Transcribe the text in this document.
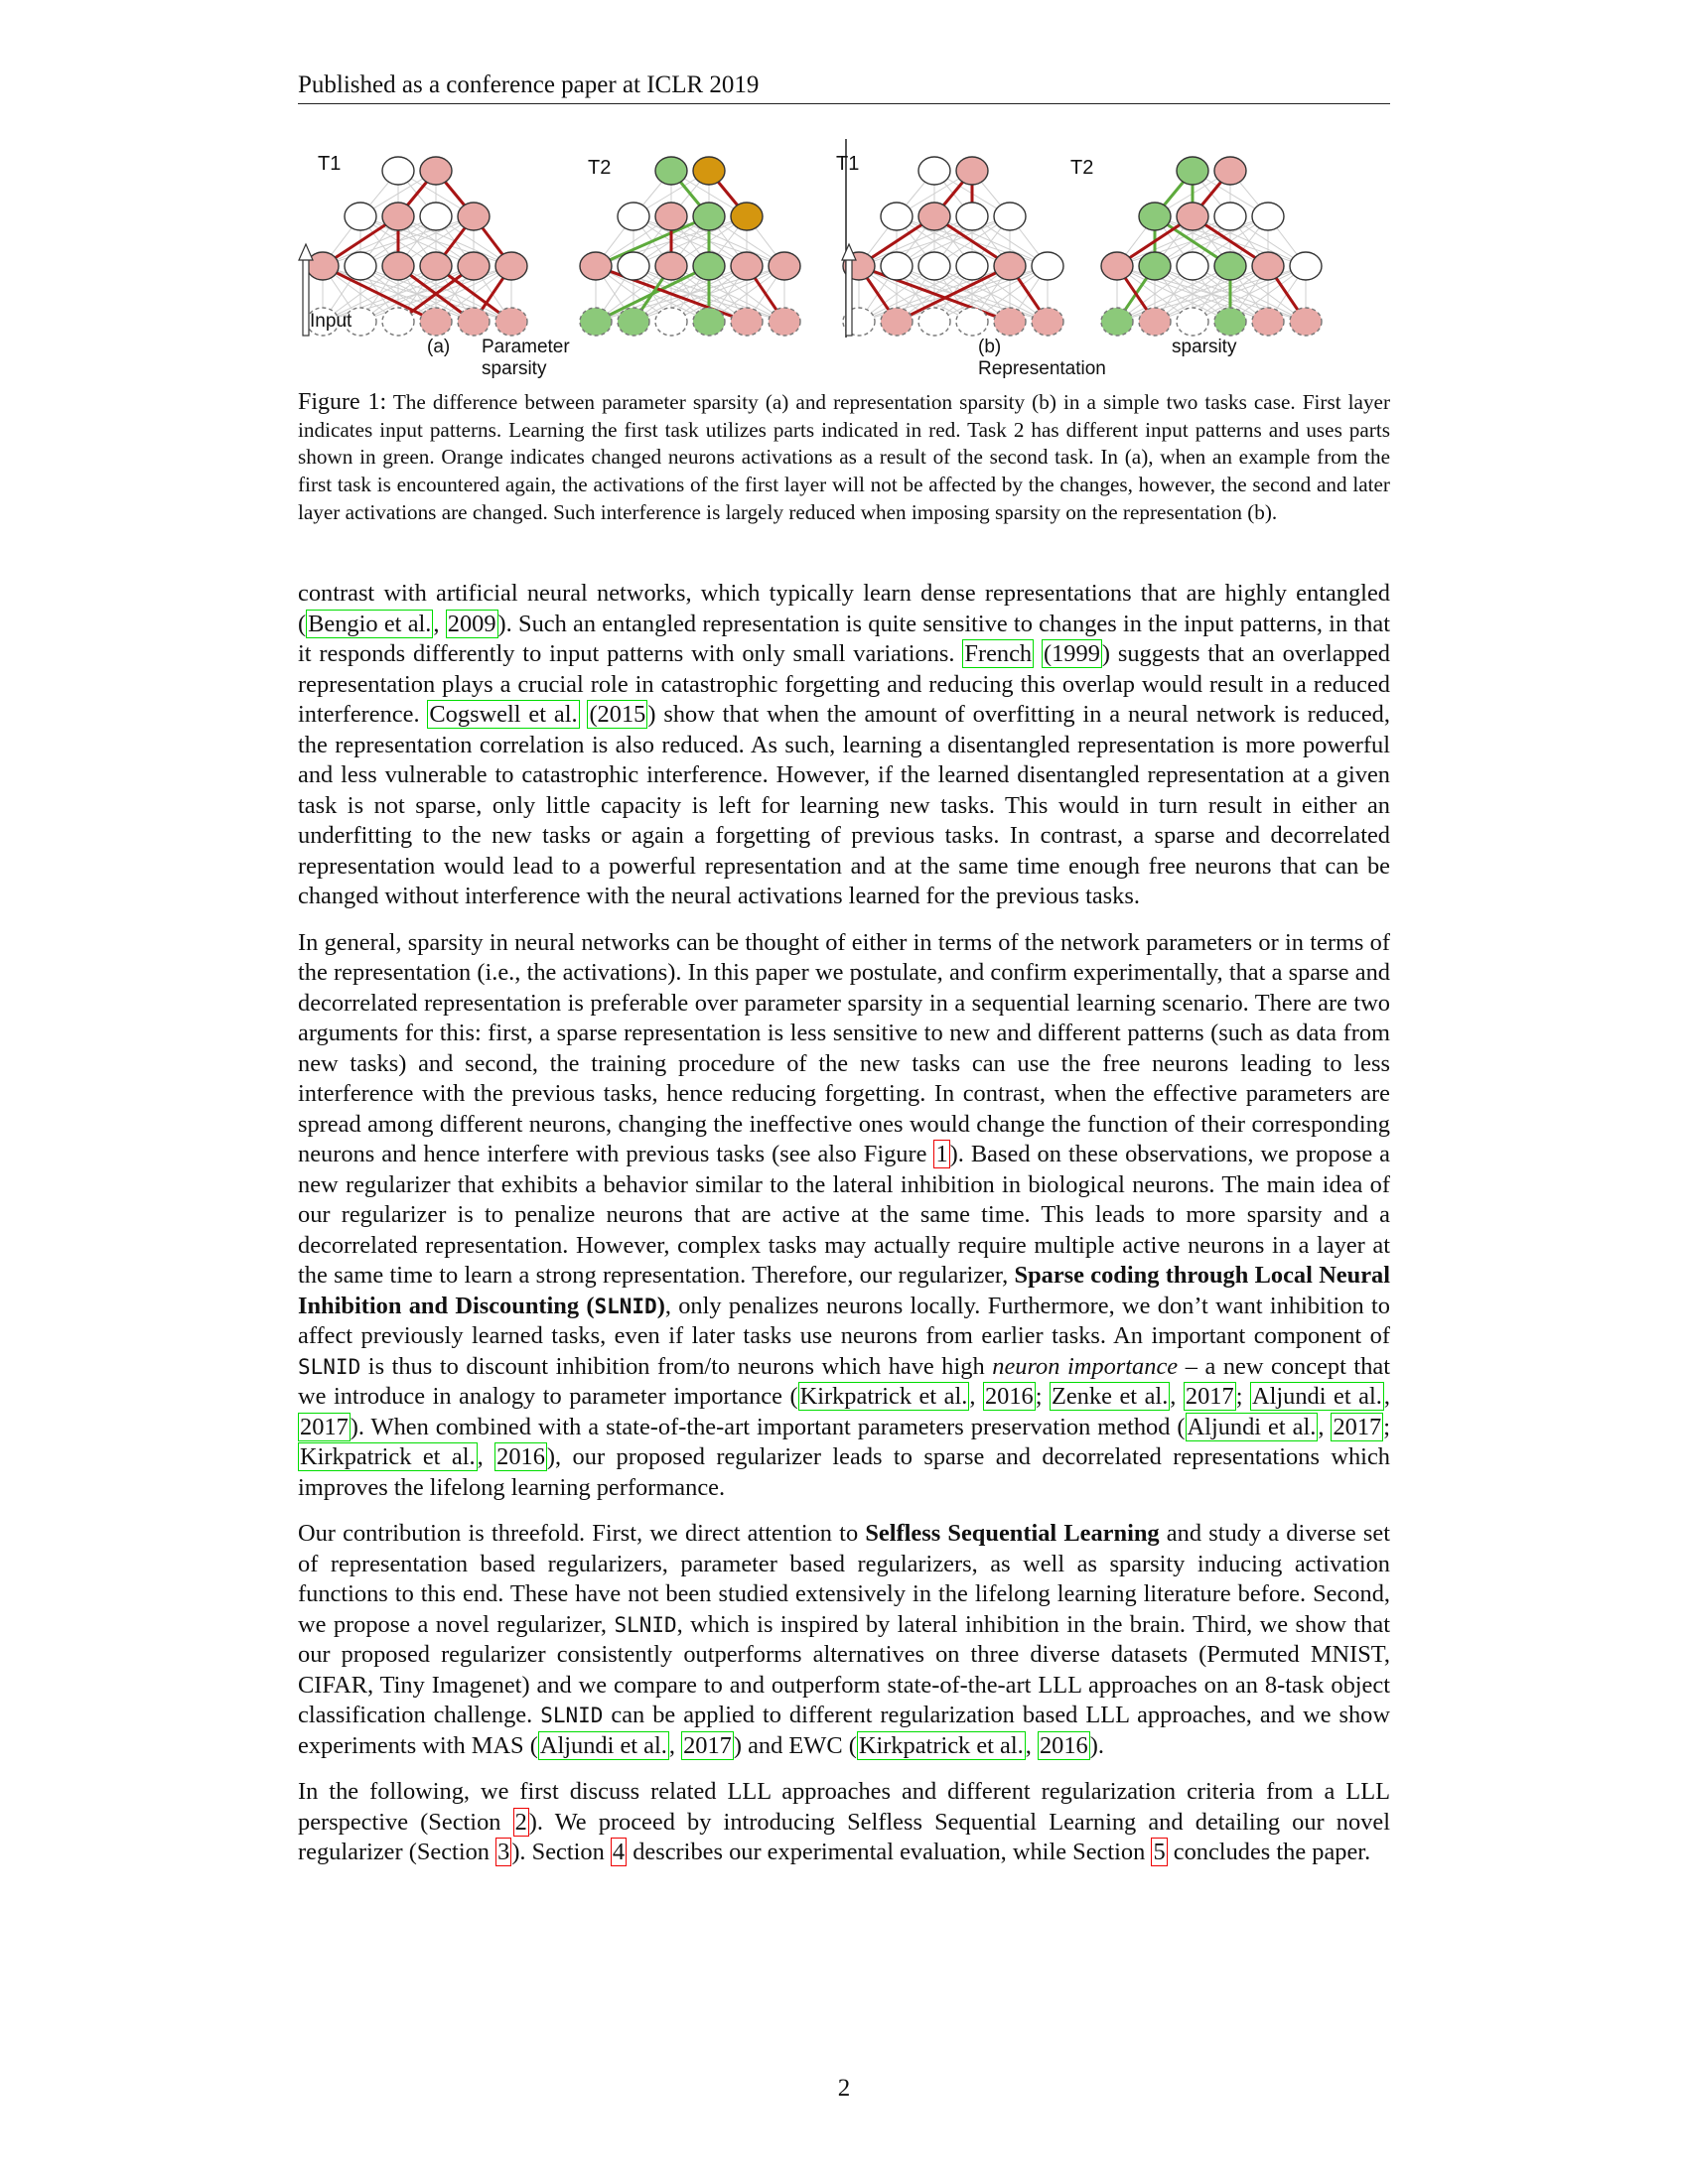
Published as a conference paper at ICLR 2019
T1	T2	T1	T2
Input
(a) Parameter sparsity
(b) Representation
sparsity
Figure 1: The difference between parameter sparsity (a) and representation sparsity (b) in a simple two tasks case. First layer indicates input patterns. Learning the first task utilizes parts indicated in red. Task 2 has different input patterns and uses parts shown in green. Orange indicates changed neurons activations as a result of the second task. In (a), when an example from the first task is encountered again, the activations of the first layer will not be affected by the changes, however, the second and later layer activations are changed. Such interference is largely reduced when imposing sparsity on the representation (b).

contrast with artificial neural networks, which typically learn dense representations that are highly entangled (Bengio et al., 2009). Such an entangled representation is quite sensitive to changes in the input patterns, in that it responds differently to input patterns with only small variations. French (1999) suggests that an overlapped representation plays a crucial role in catastrophic forgetting and reducing this overlap would result in a reduced interference. Cogswell et al. (2015) show that when the amount of overfitting in a neural network is reduced, the representation correlation is also reduced. As such, learning a disentangled representation is more powerful and less vulnerable to catastrophic interference. However, if the learned disentangled representation at a given task is not sparse, only little capacity is left for learning new tasks. This would in turn result in either an underfitting to the new tasks or again a forgetting of previous tasks. In contrast, a sparse and decorrelated representation would lead to a powerful representation and at the same time enough free neurons that can be changed without interference with the neural activations learned for the previous tasks.

In general, sparsity in neural networks can be thought of either in terms of the network parameters or in terms of the representation (i.e., the activations). In this paper we postulate, and confirm experimentally, that a sparse and decorrelated representation is preferable over parameter sparsity in a sequential learning scenario. There are two arguments for this: first, a sparse representation is less sensitive to new and different patterns (such as data from new tasks) and second, the training procedure of the new tasks can use the free neurons leading to less interference with the previous tasks, hence reducing forgetting. In contrast, when the effective parameters are spread among different neurons, changing the ineffective ones would change the function of their corresponding neurons and hence interfere with previous tasks (see also Figure 1). Based on these observations, we propose a new regularizer that exhibits a behavior similar to the lateral inhibition in biological neurons. The main idea of our regularizer is to penalize neurons that are active at the same time. This leads to more sparsity and a decorrelated representation. However, complex tasks may actually require multiple active neurons in a layer at the same time to learn a strong representation. Therefore, our regularizer, Sparse coding through Local Neural Inhibition and Discounting (SLNID), only penalizes neurons locally. Furthermore, we don’t want inhibition to affect previously learned tasks, even if later tasks use neurons from earlier tasks. An important component of SLNID is thus to discount inhibition from/to neurons which have high neuron importance – a new concept that we introduce in analogy to parameter importance (Kirkpatrick et al., 2016; Zenke et al., 2017; Aljundi et al., 2017). When combined with a state-of-the-art important parameters preservation method (Aljundi et al., 2017; Kirkpatrick et al., 2016), our proposed regularizer leads to sparse and decorrelated representations which improves the lifelong learning performance.

Our contribution is threefold. First, we direct attention to Selfless Sequential Learning and study a diverse set of representation based regularizers, parameter based regularizers, as well as sparsity inducing activation functions to this end. These have not been studied extensively in the lifelong learning literature before. Second, we propose a novel regularizer, SLNID, which is inspired by lateral inhibition in the brain. Third, we show that our proposed regularizer consistently outperforms alternatives on three diverse datasets (Permuted MNIST, CIFAR, Tiny Imagenet) and we compare to and outperform state-of-the-art LLL approaches on an 8-task object classification challenge. SLNID can be applied to different regularization based LLL approaches, and we show experiments with MAS (Aljundi et al., 2017) and EWC (Kirkpatrick et al., 2016).

In the following, we first discuss related LLL approaches and different regularization criteria from a LLL perspective (Section 2). We proceed by introducing Selfless Sequential Learning and detailing our novel regularizer (Section 3). Section 4 describes our experimental evaluation, while Section 5 concludes the paper.

2
